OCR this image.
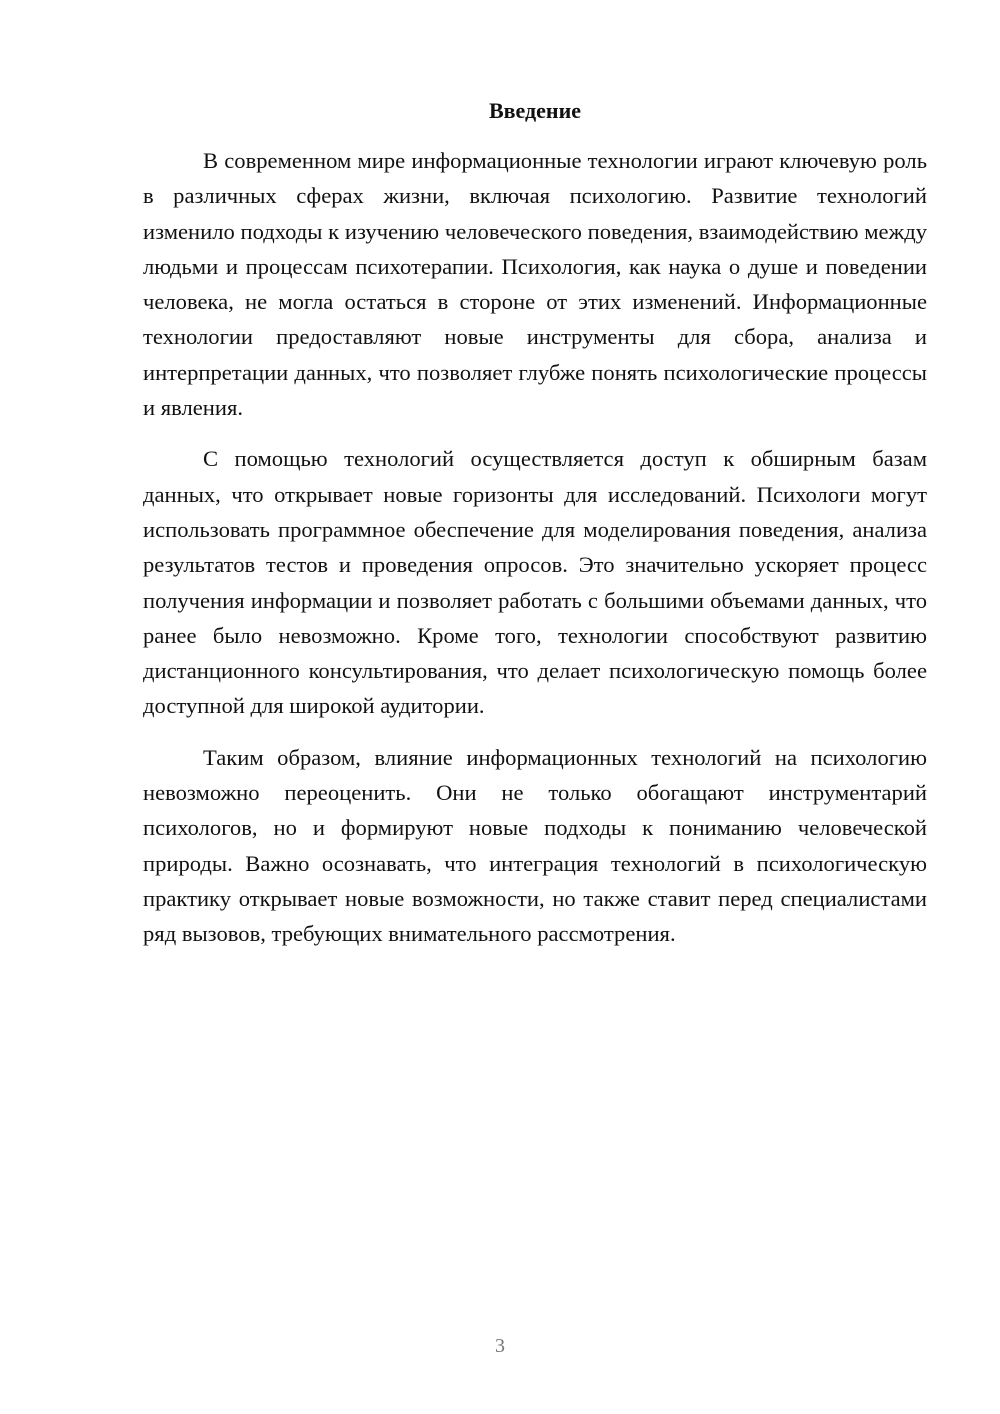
Введение

В современном мире информационные технологии играют ключевую роль в различных сферах жизни, включая психологию. Развитие технологий изменило подходы к изучению человеческого поведения, взаимодействию между людьми и процессам психотерапии. Психология, как наука о душе и поведении человека, не могла остаться в стороне от этих изменений. Информационные технологии предоставляют новые инструменты для сбора, анализа и интерпретации данных, что позволяет глубже понять психологические процессы и явления.

С помощью технологий осуществляется доступ к обширным базам данных, что открывает новые горизонты для исследований. Психологи могут использовать программное обеспечение для моделирования поведения, анализа результатов тестов и проведения опросов. Это значительно ускоряет процесс получения информации и позволяет работать с большими объемами данных, что ранее было невозможно. Кроме того, технологии способствуют развитию дистанционного консультирования, что делает психологическую помощь более доступной для широкой аудитории.

Таким образом, влияние информационных технологий на психологию невозможно переоценить. Они не только обогащают инструментарий психологов, но и формируют новые подходы к пониманию человеческой природы. Важно осознавать, что интеграция технологий в психологическую практику открывает новые возможности, но также ставит перед специалистами ряд вызовов, требующих внимательного рассмотрения.

3
